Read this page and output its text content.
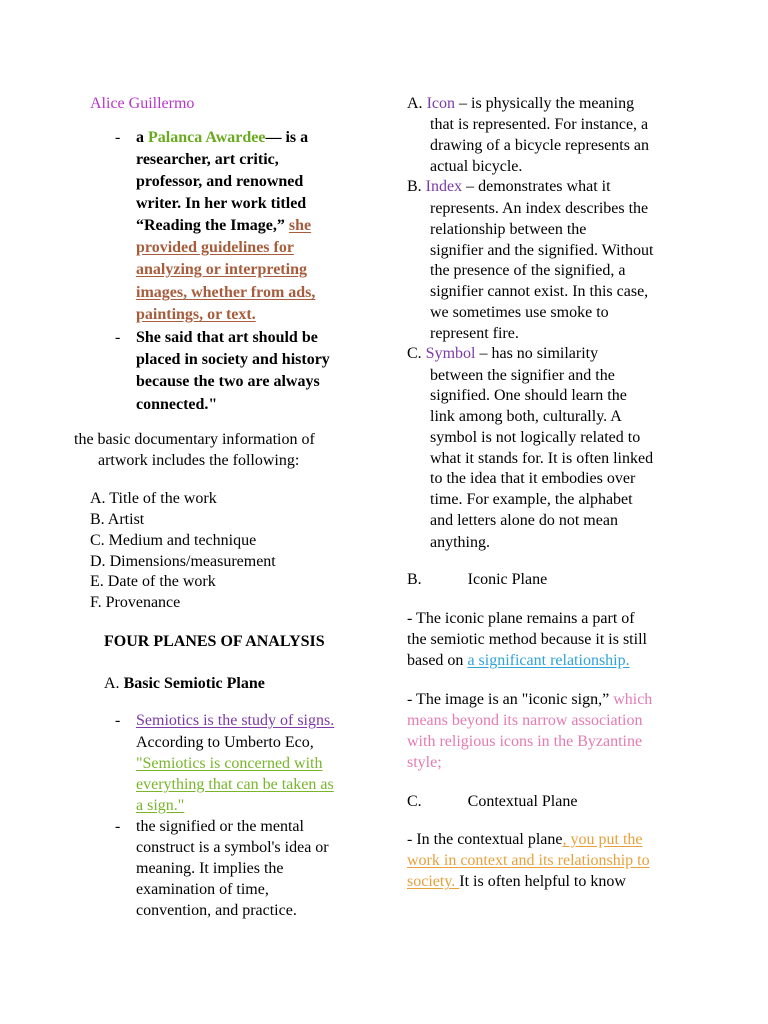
Alice Guillermo
- a Palanca Awardee— is a
researcher, art critic,
professor, and renowned
writer. In her work titled
“Reading the Image,” she
provided guidelines for
analyzing or interpreting
images, whether from ads,
paintings, or text.
- She said that art should be
placed in society and history
because the two are always
connected."
the basic documentary information of
artwork includes the following:
A. Title of the work
B. Artist
C. Medium and technique
D. Dimensions/measurement
E. Date of the work
F. Provenance
FOUR PLANES OF ANALYSIS
A. Basic Semiotic Plane
- Semiotics is the study of signs.
According to Umberto Eco,
"Semiotics is concerned with
everything that can be taken as
a sign."
- the signified or the mental
construct is a symbol's idea or
meaning. It implies the
examination of time,
convention, and practice.
A. Icon – is physically the meaning
that is represented. For instance, a
drawing of a bicycle represents an
actual bicycle.
B. Index – demonstrates what it
represents. An index describes the
relationship between the
signifier and the signified. Without
the presence of the signified, a
signifier cannot exist. In this case,
we sometimes use smoke to
represent fire.
C. Symbol – has no similarity
between the signifier and the
signified. One should learn the
link among both, culturally. A
symbol is not logically related to
what it stands for. It is often linked
to the idea that it embodies over
time. For example, the alphabet
and letters alone do not mean
anything.
B.	Iconic Plane
- The iconic plane remains a part of
the semiotic method because it is still
based on a significant relationship.
- The image is an "iconic sign,” which
means beyond its narrow association
with religious icons in the Byzantine
style;
C.	Contextual Plane
- In the contextual plane, you put the
work in context and its relationship to
society. It is often helpful to know
